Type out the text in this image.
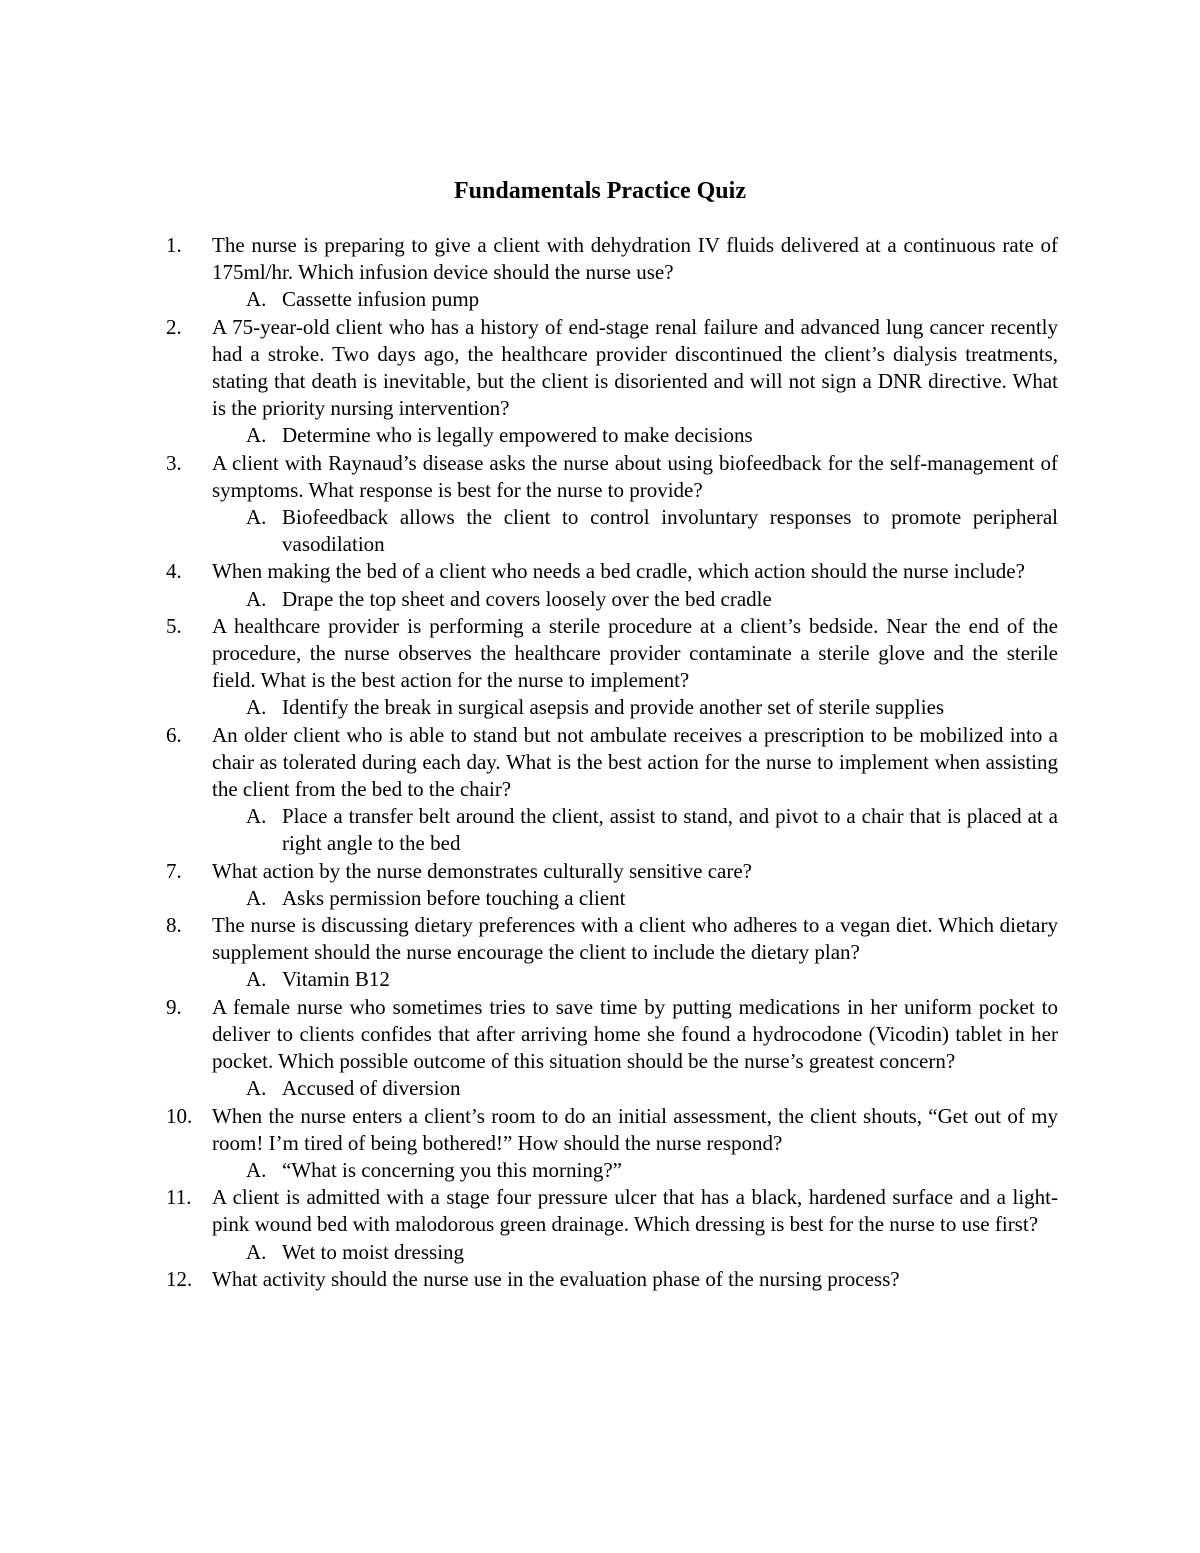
Fundamentals Practice Quiz
1.	The nurse is preparing to give a client with dehydration IV fluids delivered at a continuous rate of 175ml/hr. Which infusion device should the nurse use?
A. Cassette infusion pump
2.	A 75-year-old client who has a history of end-stage renal failure and advanced lung cancer recently had a stroke. Two days ago, the healthcare provider discontinued the client’s dialysis treatments, stating that death is inevitable, but the client is disoriented and will not sign a DNR directive. What is the priority nursing intervention?
A. Determine who is legally empowered to make decisions
3.	A client with Raynaud’s disease asks the nurse about using biofeedback for the self-management of symptoms. What response is best for the nurse to provide?
A. Biofeedback allows the client to control involuntary responses to promote peripheral vasodilation
4.	When making the bed of a client who needs a bed cradle, which action should the nurse include?
A. Drape the top sheet and covers loosely over the bed cradle
5.	A healthcare provider is performing a sterile procedure at a client’s bedside. Near the end of the procedure, the nurse observes the healthcare provider contaminate a sterile glove and the sterile field. What is the best action for the nurse to implement?
A. Identify the break in surgical asepsis and provide another set of sterile supplies
6.	An older client who is able to stand but not ambulate receives a prescription to be mobilized into a chair as tolerated during each day. What is the best action for the nurse to implement when assisting the client from the bed to the chair?
A. Place a transfer belt around the client, assist to stand, and pivot to a chair that is placed at a right angle to the bed
7.	What action by the nurse demonstrates culturally sensitive care?
A. Asks permission before touching a client
8.	The nurse is discussing dietary preferences with a client who adheres to a vegan diet. Which dietary supplement should the nurse encourage the client to include the dietary plan?
A. Vitamin B12
9.	A female nurse who sometimes tries to save time by putting medications in her uniform pocket to deliver to clients confides that after arriving home she found a hydrocodone (Vicodin) tablet in her pocket. Which possible outcome of this situation should be the nurse’s greatest concern?
A. Accused of diversion
10. When the nurse enters a client’s room to do an initial assessment, the client shouts, “Get out of my room! I’m tired of being bothered!” How should the nurse respond?
A. “What is concerning you this morning?”
11. A client is admitted with a stage four pressure ulcer that has a black, hardened surface and a light-pink wound bed with malodorous green drainage. Which dressing is best for the nurse to use first?
A. Wet to moist dressing
12. What activity should the nurse use in the evaluation phase of the nursing process?
